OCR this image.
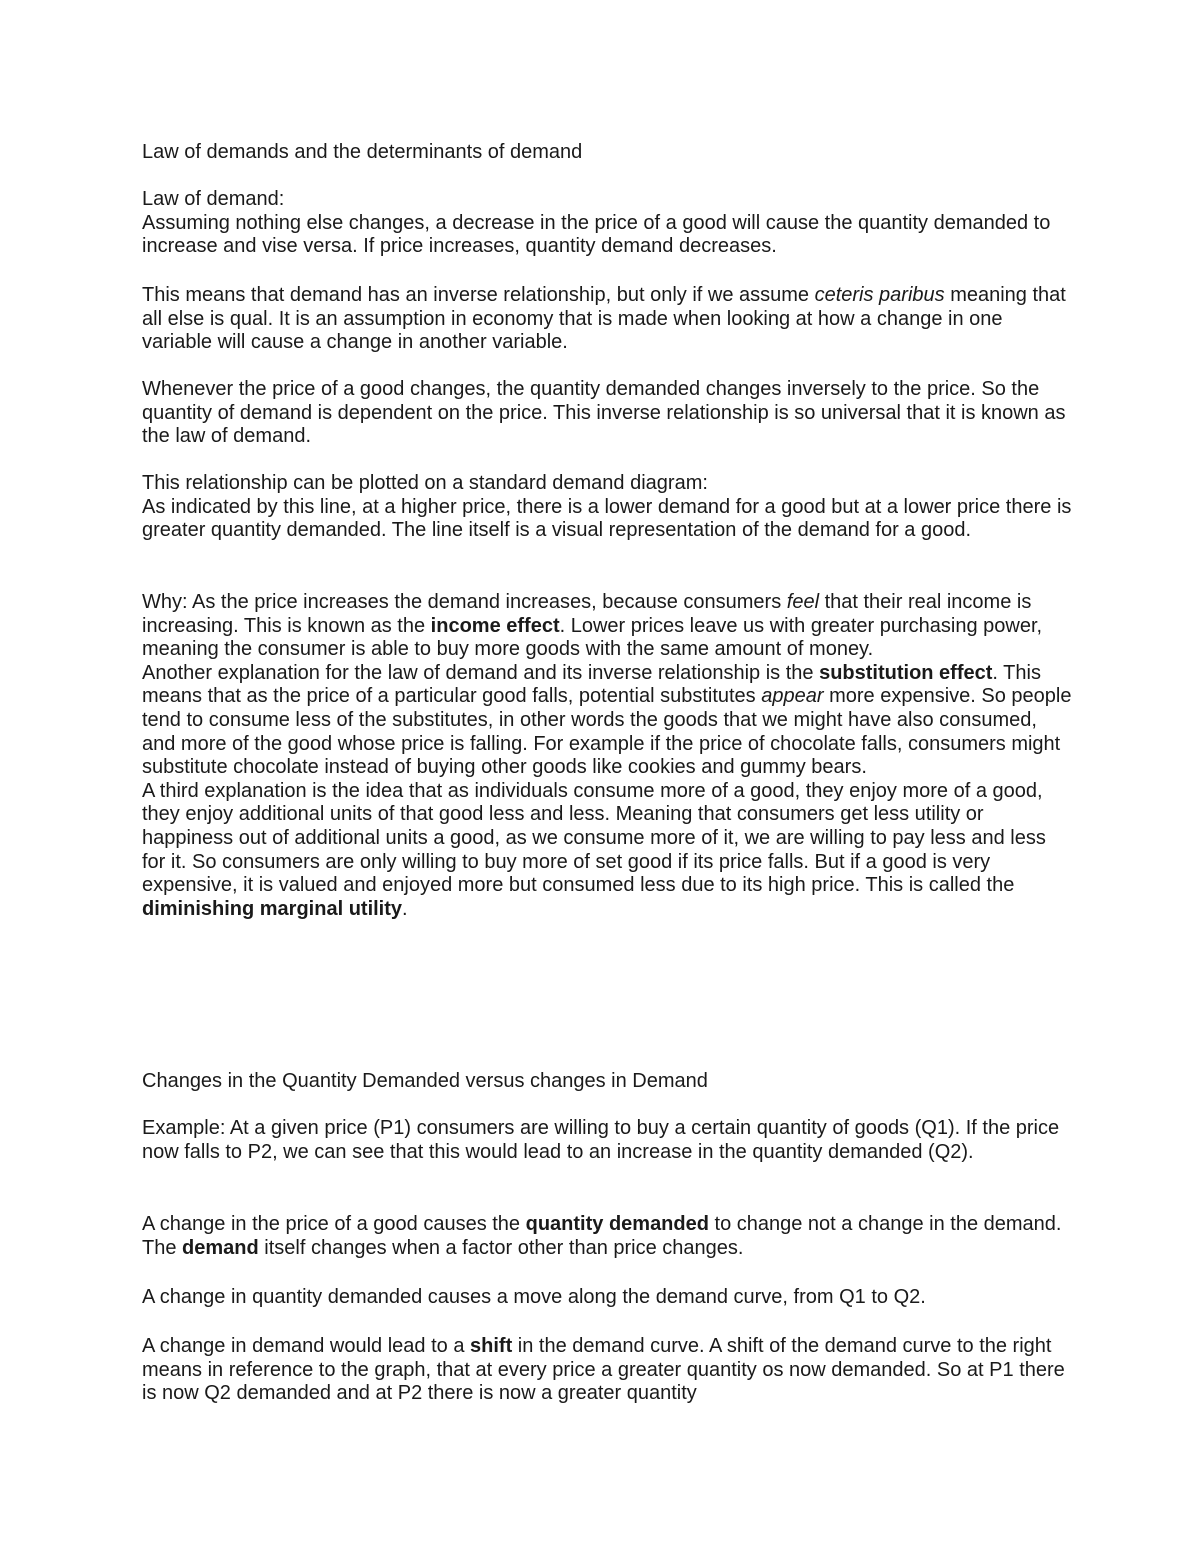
Law of demands and the determinants of demand

Law of demand:

Assuming nothing else changes, a decrease in the price of a good will cause the quantity demanded to increase and vise versa. If price increases, quantity demand decreases.

This means that demand has an inverse relationship, but only if we assume ceteris paribus meaning that all else is qual. It is an assumption in economy that is made when looking at how a change in one variable will cause a change in another variable.

Whenever the price of a good changes, the quantity demanded changes inversely to the price. So the quantity of demand is dependent on the price. This inverse relationship is so universal that it is known as the law of demand.

This relationship can be plotted on a standard demand diagram:

As indicated by this line, at a higher price, there is a lower demand for a good but at a lower price there is greater quantity demanded. The line itself is a visual representation of the demand for a good.

Why: As the price increases the demand increases, because consumers feel that their real income is increasing. This is known as the income effect. Lower prices leave us with greater purchasing power, meaning the consumer is able to buy more goods with the same amount of money.

Another explanation for the law of demand and its inverse relationship is the substitution effect. This means that as the price of a particular good falls, potential substitutes appear more expensive. So people tend to consume less of the substitutes, in other words the goods that we might have also consumed, and more of the good whose price is falling. For example if the price of chocolate falls, consumers might substitute chocolate instead of buying other goods like cookies and gummy bears.

A third explanation is the idea that as individuals consume more of a good, they enjoy more of a good, they enjoy additional units of that good less and less. Meaning that consumers get less utility or happiness out of additional units a good, as we consume more of it, we are willing to pay less and less for it. So consumers are only willing to buy more of set good if its price falls. But if a good is very expensive, it is valued and enjoyed more but consumed less due to its high price. This is called the diminishing marginal utility.

Changes in the Quantity Demanded versus changes in Demand

Example: At a given price (P1) consumers are willing to buy a certain quantity of goods (Q1). If the price now falls to P2, we can see that this would lead to an increase in the quantity demanded (Q2).

A change in the price of a good causes the quantity demanded to change not a change in the demand. The demand itself changes when a factor other than price changes.

A change in quantity demanded causes a move along the demand curve, from Q1 to Q2.

A change in demand would lead to a shift in the demand curve. A shift of the demand curve to the right means in reference to the graph, that at every price a greater quantity os now demanded. So at P1 there is now Q2 demanded and at P2 there is now a greater quantity
